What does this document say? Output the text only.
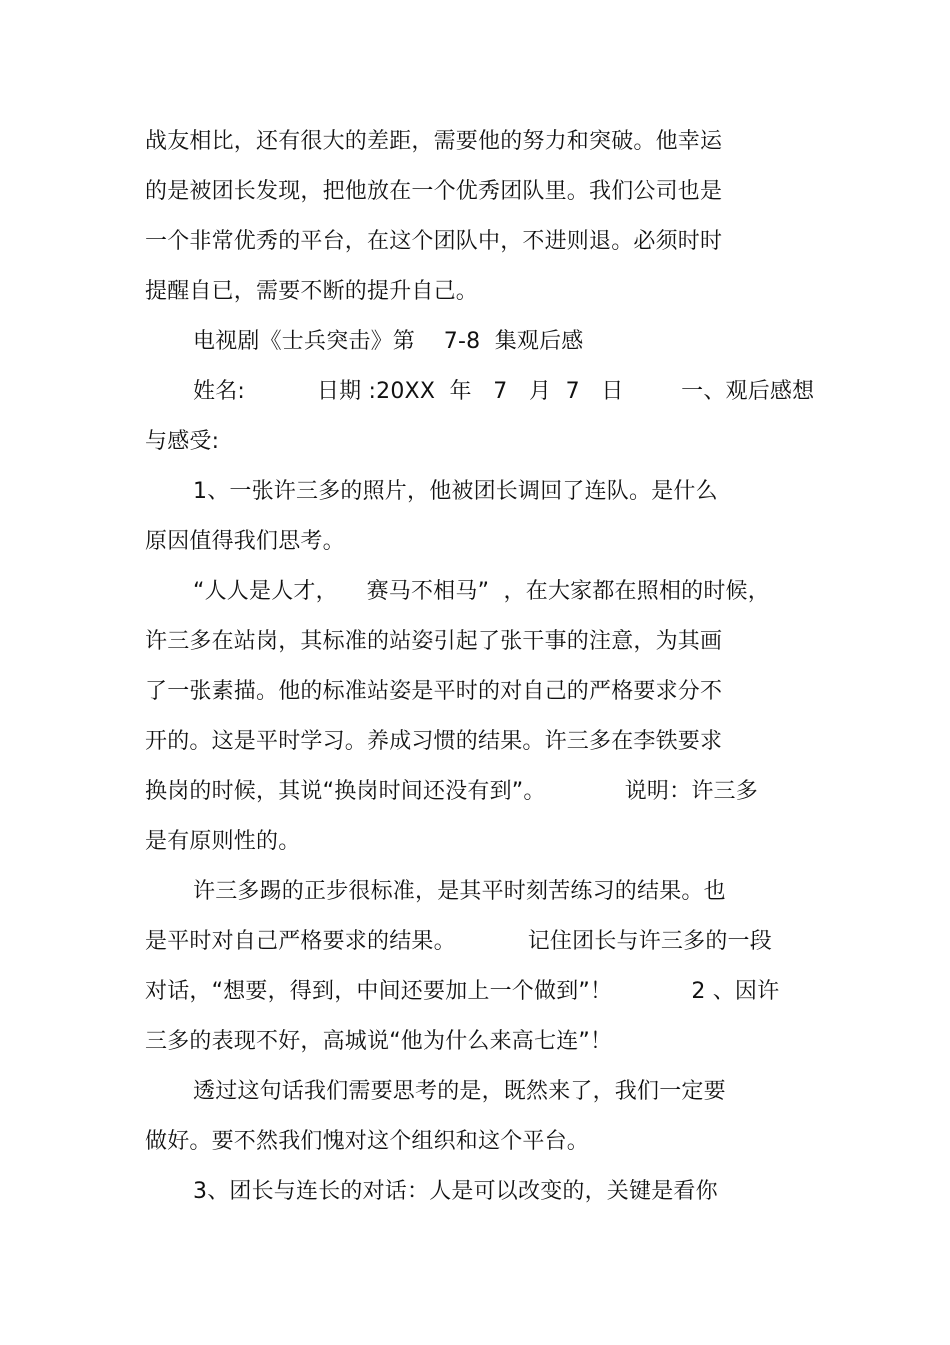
战友相比，还有很大的差距，需要他的努力和突破。他幸运
的是被团长发现，把他放在一个优秀团队里。我们公司也是
一个非常优秀的平台，在这个团队中，不进则退。必须时时
提醒自已，需要不断的提升自己。
电视剧《士兵突击》第    7-8  集观后感
姓名:          日期 :20XX  年   7   月  7   日        一、观后感想
与感受:
1、一张许三多的照片，他被团长调回了连队。是什么
原因值得我们思考。
“人人是人才，    赛马不相马”  ，在大家都在照相的时候，
许三多在站岗，其标准的站姿引起了张干事的注意，为其画
了一张素描。他的标准站姿是平时的对自己的严格要求分不
开的。这是平时学习。养成习惯的结果。许三多在李铁要求
换岗的时候，其说“换岗时间还没有到”。           说明：许三多
是有原则性的。
许三多踢的正步很标准，是其平时刻苦练习的结果。也
是平时对自己严格要求的结果。          记住团长与许三多的一段
对话，“想要，得到，中间还要加上一个做到”！           2 、因许
三多的表现不好，高城说“他为什么来高七连”！
透过这句话我们需要思考的是，既然来了，我们一定要
做好。要不然我们愧对这个组织和这个平台。
3、团长与连长的对话：人是可以改变的，关键是看你
